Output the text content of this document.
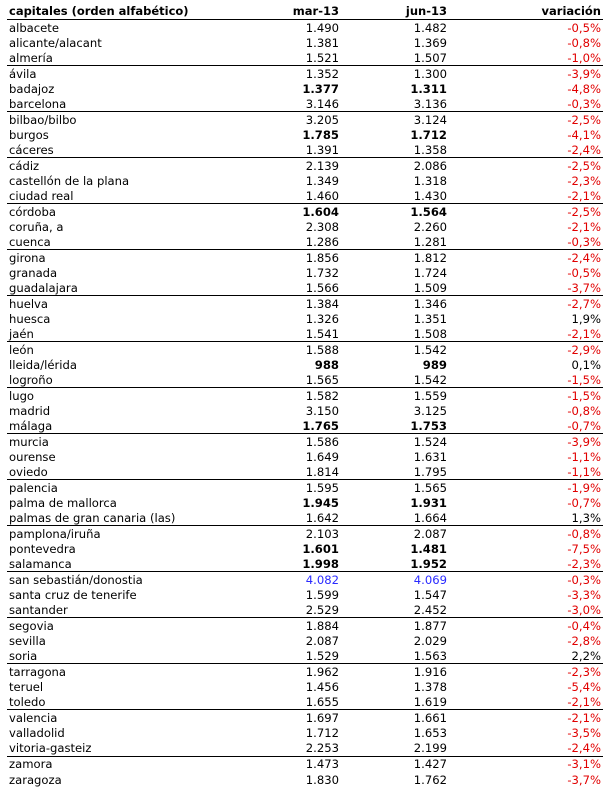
capitales (orden alfabético)	mar-13	jun-13	variación
albacete	1.490	1.482	-0,5%
alicante/alacant	1.381	1.369	-0,8%
almería	1.521	1.507	-1,0%
ávila	1.352	1.300	-3,9%
badajoz	1.377	1.311	-4,8%
barcelona	3.146	3.136	-0,3%
bilbao/bilbo	3.205	3.124	-2,5%
burgos	1.785	1.712	-4,1%
cáceres	1.391	1.358	-2,4%
cádiz	2.139	2.086	-2,5%
castellón de la plana	1.349	1.318	-2,3%
ciudad real	1.460	1.430	-2,1%
córdoba	1.604	1.564	-2,5%
coruña, a	2.308	2.260	-2,1%
cuenca	1.286	1.281	-0,3%
girona	1.856	1.812	-2,4%
granada	1.732	1.724	-0,5%
guadalajara	1.566	1.509	-3,7%
huelva	1.384	1.346	-2,7%
huesca	1.326	1.351	1,9%
jaén	1.541	1.508	-2,1%
león	1.588	1.542	-2,9%
lleida/lérida	988	989	0,1%
logroño	1.565	1.542	-1,5%
lugo	1.582	1.559	-1,5%
madrid	3.150	3.125	-0,8%
málaga	1.765	1.753	-0,7%
murcia	1.586	1.524	-3,9%
ourense	1.649	1.631	-1,1%
oviedo	1.814	1.795	-1,1%
palencia	1.595	1.565	-1,9%
palma de mallorca	1.945	1.931	-0,7%
palmas de gran canaria (las)	1.642	1.664	1,3%
pamplona/iruña	2.103	2.087	-0,8%
pontevedra	1.601	1.481	-7,5%
salamanca	1.998	1.952	-2,3%
san sebastián/donostia	4.082	4.069	-0,3%
santa cruz de tenerife	1.599	1.547	-3,3%
santander	2.529	2.452	-3,0%
segovia	1.884	1.877	-0,4%
sevilla	2.087	2.029	-2,8%
soria	1.529	1.563	2,2%
tarragona	1.962	1.916	-2,3%
teruel	1.456	1.378	-5,4%
toledo	1.655	1.619	-2,1%
valencia	1.697	1.661	-2,1%
valladolid	1.712	1.653	-3,5%
vitoria-gasteiz	2.253	2.199	-2,4%
zamora	1.473	1.427	-3,1%
zaragoza	1.830	1.762	-3,7%
